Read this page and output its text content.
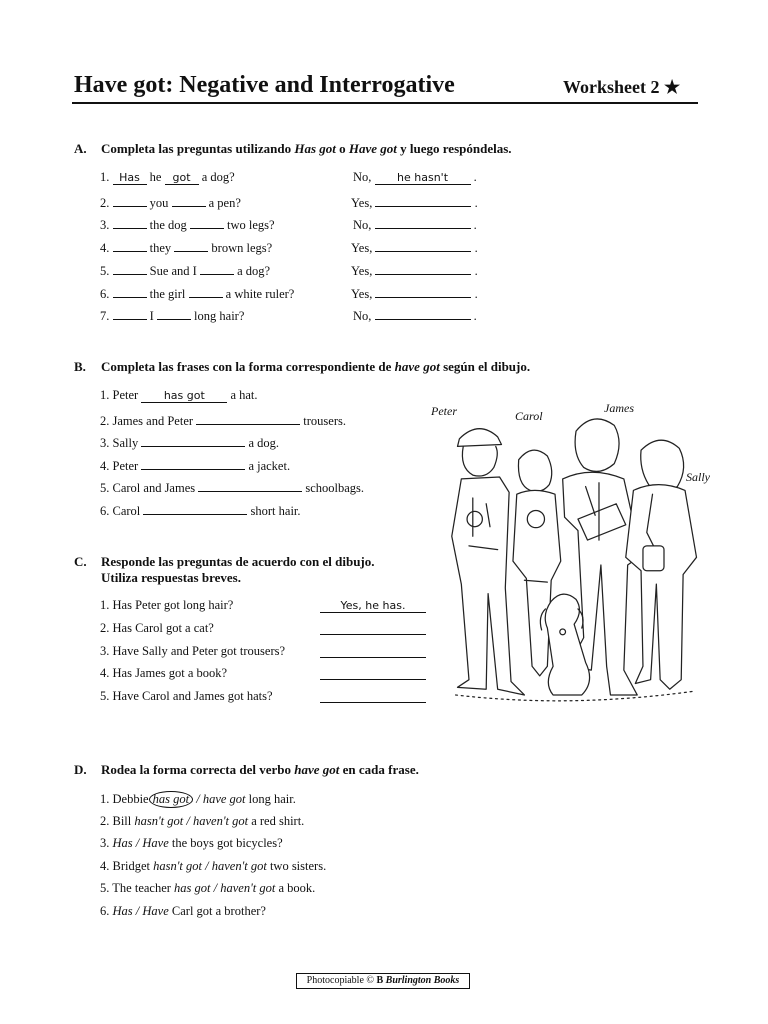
Have got: Negative and Interrogative	Worksheet 2 ★
A. Completa las preguntas utilizando Has got o Have got y luego respóndelas.
1. Has he got a dog?	No, he hasn't .
2.	you	a pen?	Yes,	.
3.	the dog	two legs?	No,	.
4.	they	brown legs?	Yes,	.
5.	Sue and I	a dog?	Yes,	.
6.	the girl	a white ruler?	Yes,	.
7.	I	long hair?	No,	.
B. Completa las frases con la forma correspondiente de have got según el dibujo.
1. Peter has got a hat.
2. James and Peter	trousers.
3. Sally	a dog.
4. Peter	a jacket.
5. Carol and James	schoolbags.
6. Carol	short hair.
Peter	Carol
James
Sally
C. Responde las preguntas de acuerdo con el dibujo.
Utiliza respuestas breves.
1. Has Peter got long hair?	Yes, he has.
2. Has Carol got a cat?
3. Have Sally and Peter got trousers?
4. Has James got a book?
5. Have Carol and James got hats?
D. Rodea la forma correcta del verbo have got en cada frase.
1. Debbie has got / have got long hair.
2. Bill hasn't got / haven't got a red shirt.
3. Has / Have the boys got bicycles?
4. Bridget hasn't got / haven't got two sisters.
5. The teacher has got / haven't got a book.
6. Has / Have Carl got a brother?
Photocopiable © B Burlington Books
